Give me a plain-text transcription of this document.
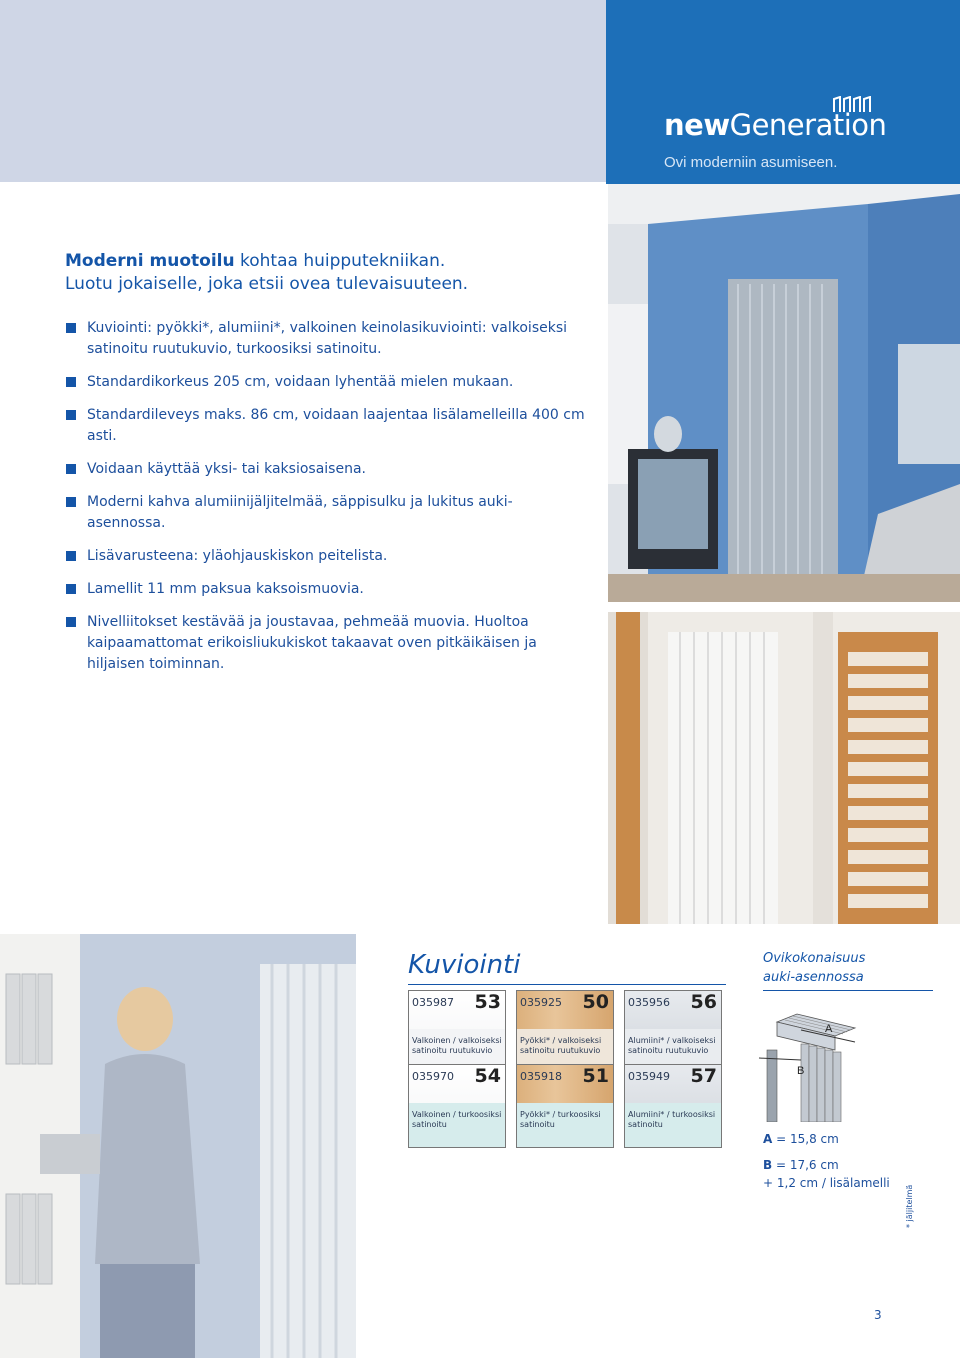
newGeneration
Ovi moderniin asumiseen.
Moderni muotoilu kohtaa huipputekniikan.
Luotu jokaiselle, joka etsii ovea tulevaisuuteen.
Kuviointi: pyökki*, alumiini*, valkoinen keinolasikuviointi: valkoiseksi satinoitu ruutukuvio, turkoosiksi satinoitu.
Standardikorkeus 205 cm, voidaan lyhentää mielen mukaan.
Standardileveys maks. 86 cm, voidaan laajentaa lisälamelleilla 400 cm asti.
Voidaan käyttää yksi- tai kaksiosaisena.
Moderni kahva alumiinijäljitelmää, säppisulku ja lukitus auki-asennossa.
Lisävarusteena: yläohjauskiskon peitelista.
Lamellit 11 mm paksua kaksoismuovia.
Nivelliitokset kestävää ja joustavaa, pehmeää muovia. Huoltoa kaipaamattomat erikoisliukukiskot takaavat oven pitkäikäisen ja hiljaisen toiminnan.
Kuviointi
035987 53
Valkoinen / valkoiseksi satinoitu ruutukuvio
035925 50
Pyökki* / valkoiseksi satinoitu ruutukuvio
035956 56
Alumiini* / valkoiseksi satinoitu ruutukuvio
035970 54
Valkoinen / turkoosiksi satinoitu
035918 51
Pyökki* / turkoosiksi satinoitu
035949 57
Alumiini* / turkoosiksi satinoitu
Ovikokonaisuus
auki-asennossa
A
B
A = 15,8 cm
B = 17,6 cm
+ 1,2 cm / lisälamelli
* jäljitelmä
3
